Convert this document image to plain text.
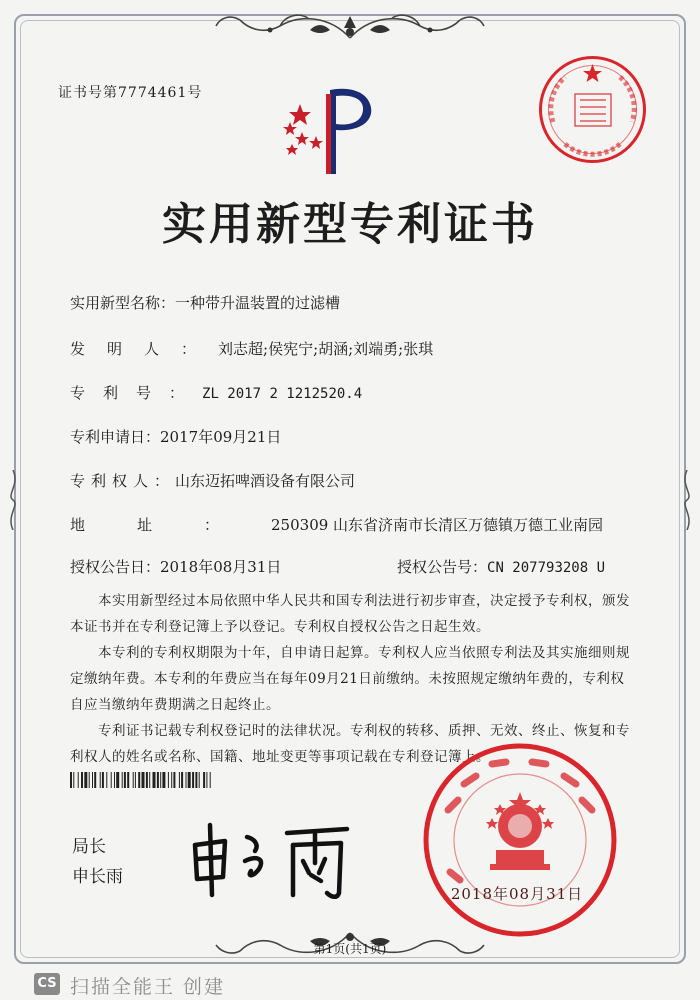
证书号第7774461号
实用新型专利证书
实用新型名称：一种带升温装置的过滤槽
发明人：刘志超;侯宪宁;胡涵;刘端勇;张琪
专利号：ZL 2017 2 1212520.4
专利申请日：2017年09月21日
专利权人：山东迈拓啤酒设备有限公司
地址：250309 山东省济南市长清区万德镇万德工业南园
授权公告日：2018年08月31日	授权公告号：CN 207793208 U
本实用新型经过本局依照中华人民共和国专利法进行初步审查，决定授予专利权，颁发本证书并在专利登记簿上予以登记。专利权自授权公告之日起生效。
本专利的专利权期限为十年，自申请日起算。专利权人应当依照专利法及其实施细则规定缴纳年费。本专利的年费应当在每年09月21日前缴纳。未按照规定缴纳年费的，专利权自应当缴纳年费期满之日起终止。
专利证书记载专利权登记时的法律状况。专利权的转移、质押、无效、终止、恢复和专利权人的姓名或名称、国籍、地址变更等事项记载在专利登记簿上。
局长
申长雨
2018年08月31日
第1页(共1页)
CS 扫描全能王 创建
